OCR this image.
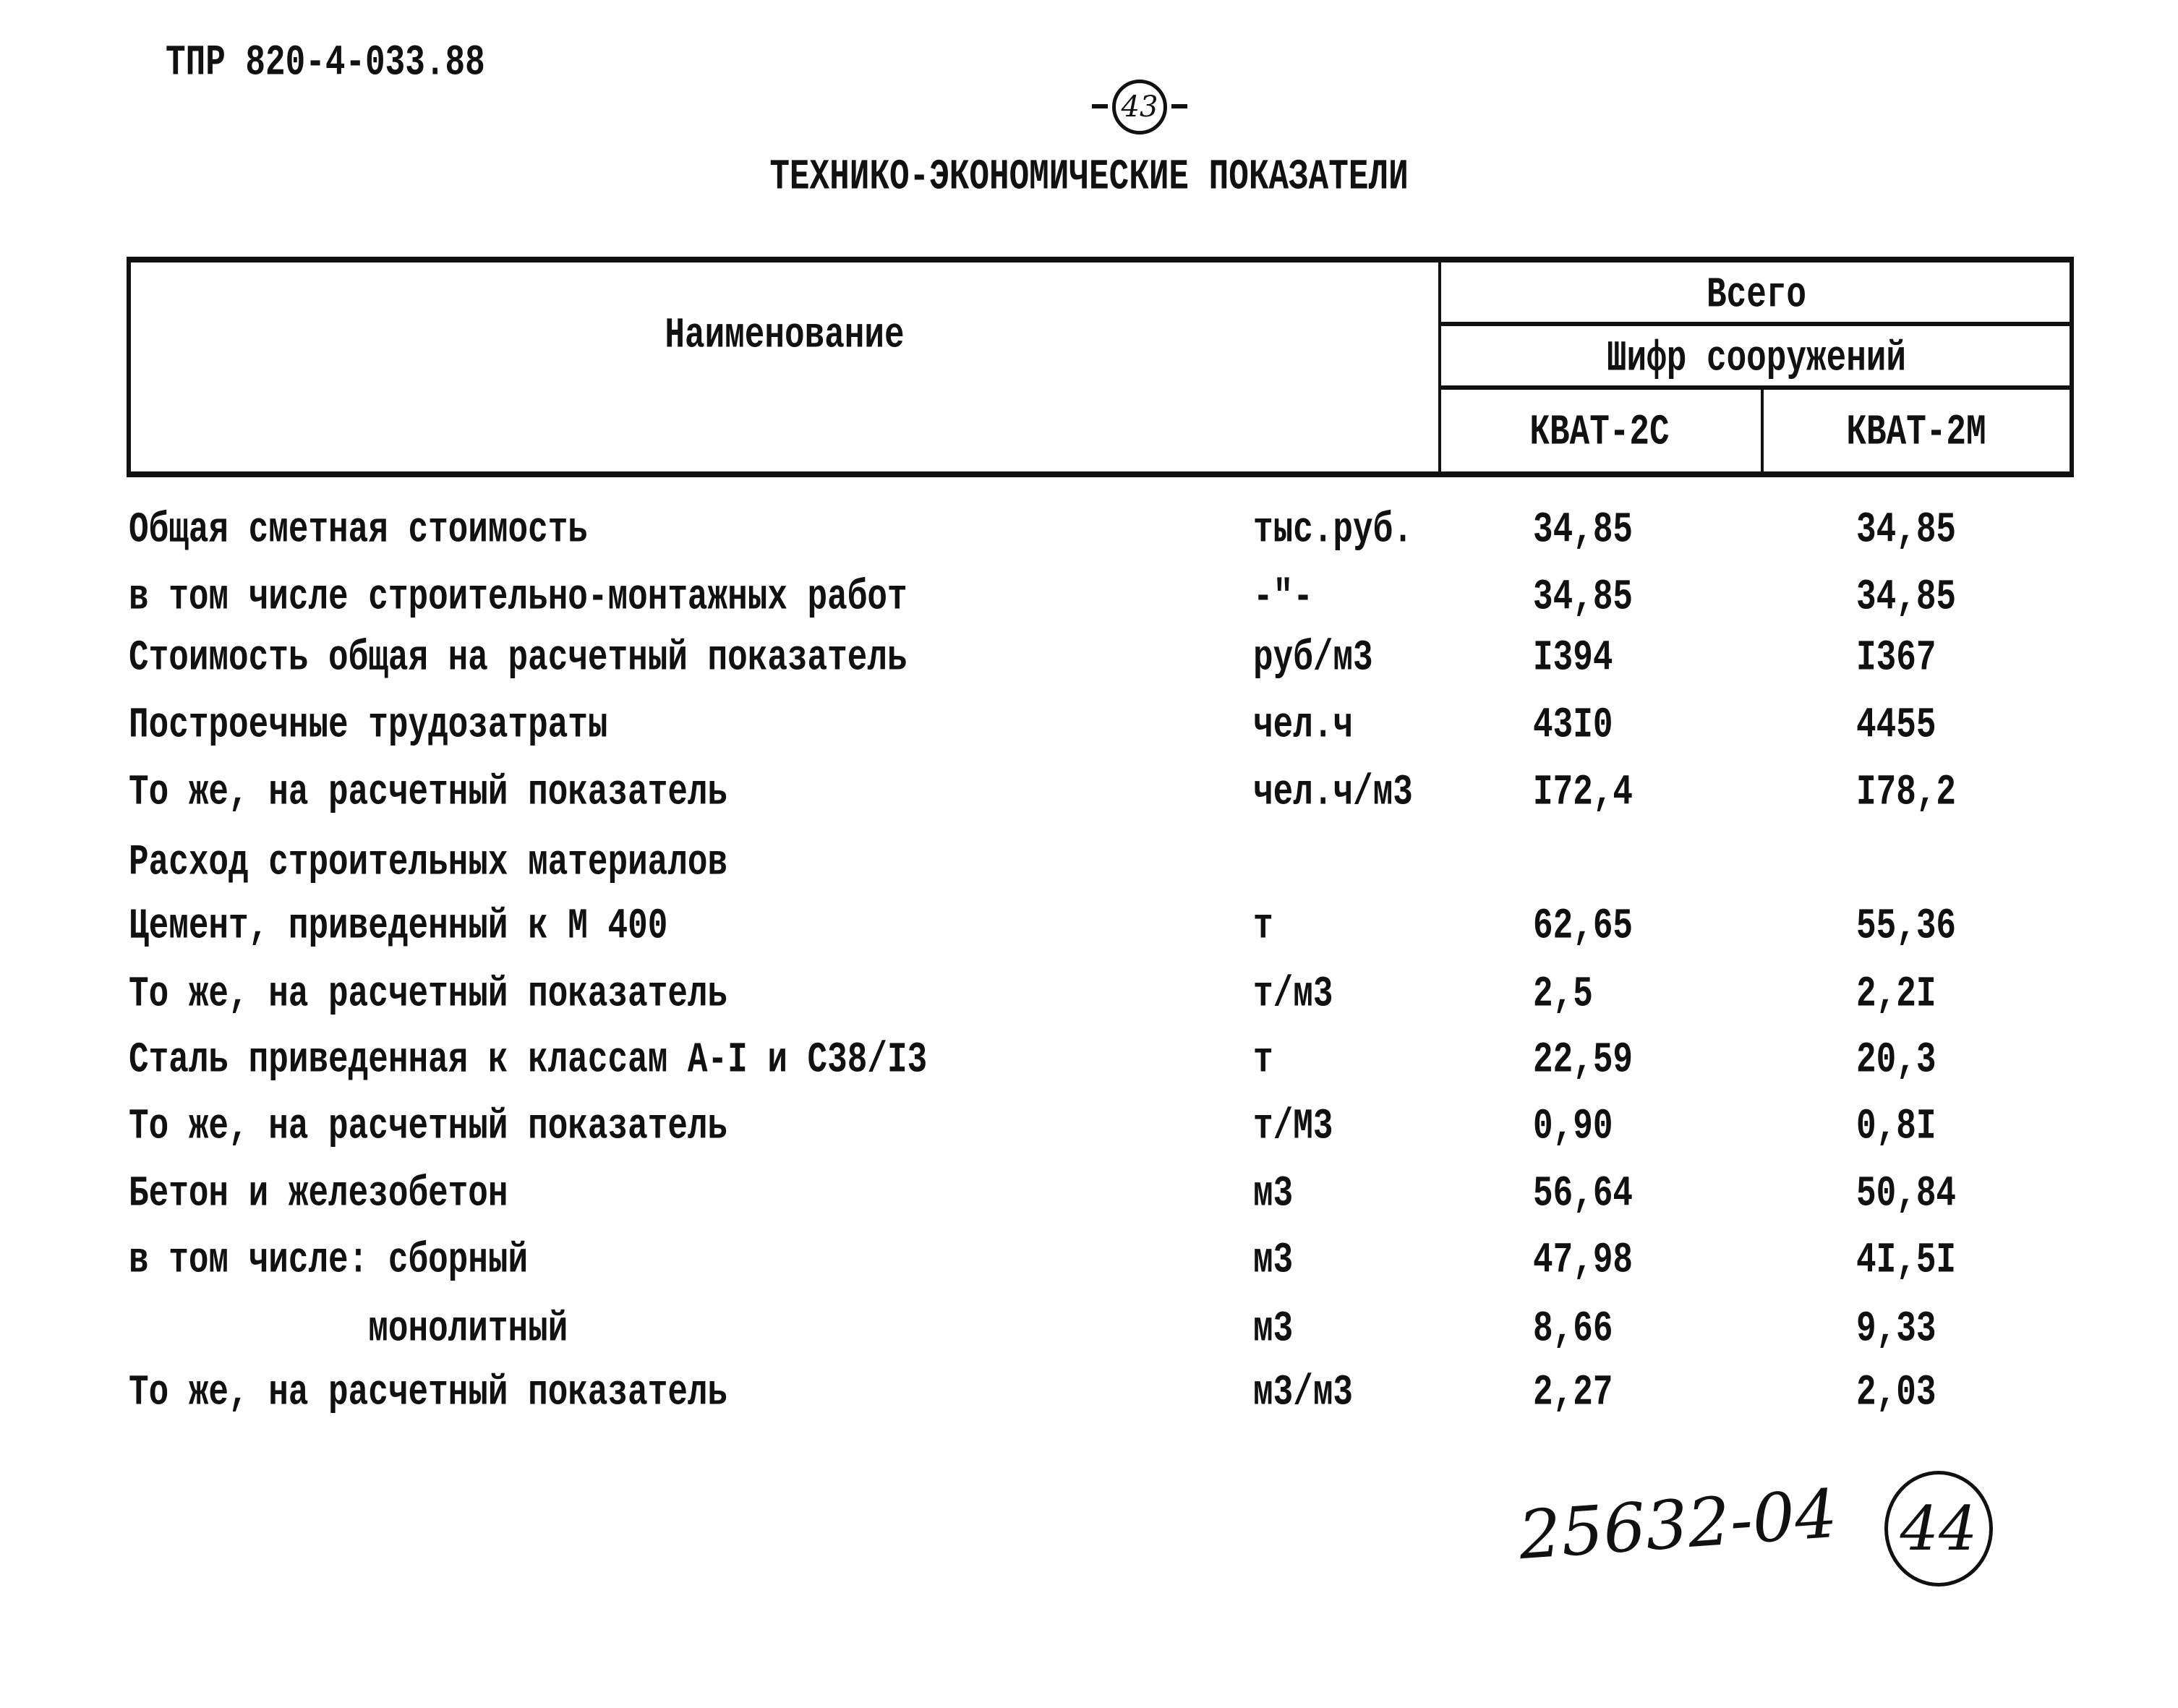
ТПР 820-4-033.88
43
ТЕХНИКО-ЭКОНОМИЧЕСКИЕ ПОКАЗАТЕЛИ
Наименование
Всего
Шифр сооружений
КВАТ-2С	КВАТ-2М
Общая сметная стоимость	тыс.руб.	34,85	34,85
в том числе строительно-монтажных работ	-"-	34,85	34,85
Стоимость общая на расчетный показатель	руб/м3	I394	I367
Построечные трудозатраты	чел.ч	43I0	4455
То же, на расчетный показатель	чел.ч/м3	I72,4	I78,2
Расход строительных материалов
Цемент, приведенный к М 400	т	62,65	55,36
То же, на расчетный показатель	т/м3	2,5	2,2I
Сталь приведенная к классам А-I и С38/I3	т	22,59	20,3
То же, на расчетный показатель	т/М3	0,90	0,8I
Бетон и железобетон	м3	56,64	50,84
в том числе: сборный	м3	47,98	4I,5I
монолитный	м3	8,66	9,33
То же, на расчетный показатель	м3/м3	2,27	2,03
25632-04 44
